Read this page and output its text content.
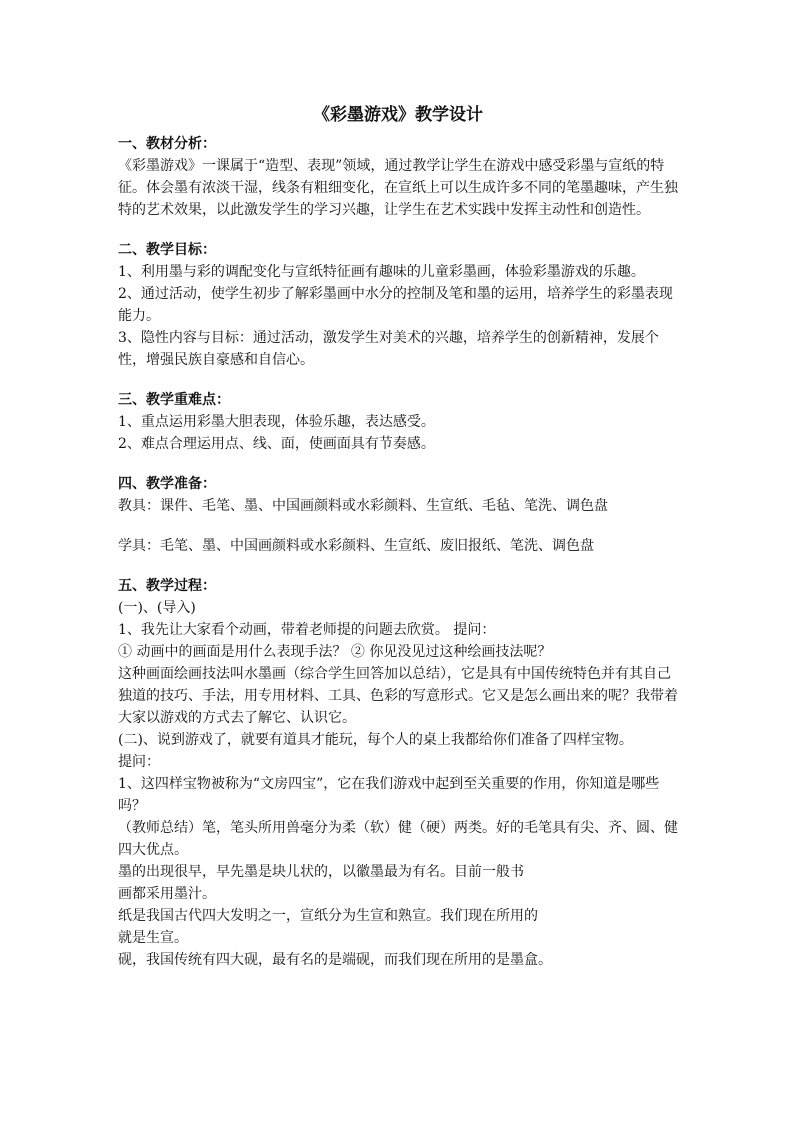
《彩墨游戏》教学设计
一、教材分析：
《彩墨游戏》一课属于“造型、表现”领域，通过教学让学生在游戏中感受彩墨与宣纸的特征。体会墨有浓淡干湿，线条有粗细变化，在宣纸上可以生成许多不同的笔墨趣味，产生独特的艺术效果，以此激发学生的学习兴趣，让学生在艺术实践中发挥主动性和创造性。
二、教学目标：
1、利用墨与彩的调配变化与宣纸特征画有趣味的儿童彩墨画，体验彩墨游戏的乐趣。
2、通过活动，使学生初步了解彩墨画中水分的控制及笔和墨的运用，培养学生的彩墨表现能力。
3、隐性内容与目标：通过活动，激发学生对美术的兴趣，培养学生的创新精神，发展个性，增强民族自豪感和自信心。
三、教学重难点：
1、重点运用彩墨大胆表现，体验乐趣，表达感受。
2、难点合理运用点、线、面，使画面具有节奏感。
四、教学准备：
教具：课件、毛笔、墨、中国画颜料或水彩颜料、生宣纸、毛毡、笔洗、调色盘
学具：毛笔、墨、中国画颜料或水彩颜料、生宣纸、废旧报纸、笔洗、调色盘
五、教学过程：
(一)、(导入)
1、我先让大家看个动画，带着老师提的问题去欣赏。 提问：
① 动画中的画面是用什么表现手法？ ② 你见没见过这种绘画技法呢？
这种画面绘画技法叫水墨画（综合学生回答加以总结），它是具有中国传统特色并有其自己独道的技巧、手法，用专用材料、工具、色彩的写意形式。它又是怎么画出来的呢？我带着大家以游戏的方式去了解它、认识它。
(二)、说到游戏了，就要有道具才能玩，每个人的桌上我都给你们准备了四样宝物。
提问：
1、这四样宝物被称为“文房四宝”，它在我们游戏中起到至关重要的作用，你知道是哪些吗？
（教师总结）笔，笔头所用兽毫分为柔（软）健（硬）两类。好的毛笔具有尖、齐、圆、健四大优点。
墨的出现很早，早先墨是块儿状的，以徽墨最为有名。目前一般书
画都采用墨汁。
纸是我国古代四大发明之一，宣纸分为生宣和熟宣。我们现在所用的
就是生宣。
砚，我国传统有四大砚，最有名的是端砚，而我们现在所用的是墨盒。
